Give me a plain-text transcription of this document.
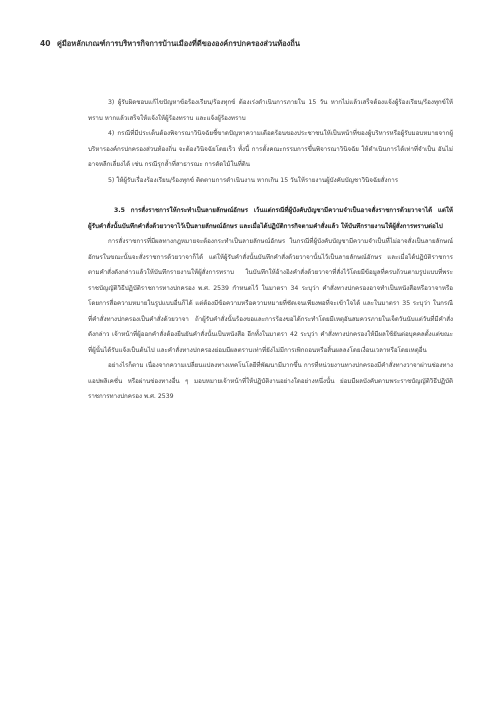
40 คู่มือหลักเกณฑ์การบริหารกิจการบ้านเมืองที่ดีขององค์กรปกครองส่วนท้องถิ่น

3) ผู้รับผิดชอบแก้ไขปัญหาข้อร้องเรียน/ร้องทุกข์ ต้องเร่งดำเนินการภายใน 15 วัน หากไม่แล้วเสร็จต้องแจ้งผู้ร้องเรียน/ร้องทุกข์ให้ทราบ หากแล้วเสร็จให้แจ้งให้ผู้ร้องทราบ และแจ้งผู้ร้องทราบ

4) กรณีที่มีประเด็นต้องพิจารณาวินิจฉัยชี้ขาดปัญหาความเดือดร้อนของประชาชนให้เป็นหน้าที่ของผู้บริหารหรือผู้รับมอบหมายจากผู้บริหารองค์กรปกครองส่วนท้องถิ่น จะต้องวินิจฉัยโดยเร็ว ทั้งนี้ การตั้งคณะกรรมการขึ้นพิจารณาวินิจฉัย ให้ดำเนินการได้เท่าที่จำเป็น อันไม่อาจหลีกเลี่ยงได้ เช่น กรณีรุกล้ำที่สาธารณะ การตัดไม้ในที่ดิน

5) ให้ผู้รับเรื่องร้องเรียน/ร้องทุกข์ ติดตามการดำเนินงาน หากเกิน 15 วันให้รายงานผู้บังคับบัญชาวินิจฉัยสั่งการ

3.5 การสั่งราชการให้กระทำเป็นลายลักษณ์อักษร เว้นแต่กรณีที่ผู้บังคับบัญชามีความจำเป็นอาจสั่งราชการด้วยวาจาได้ แต่ให้ผู้รับคำสั่งนั้นบันทึกคำสั่งด้วยวาจาไว้เป็นลายลักษณ์อักษร และเมื่อได้ปฏิบัติการกิจตามคำสั่งแล้ว ให้บันทึกรายงานให้ผู้สั่งการทราบต่อไป

การสั่งราชการที่มีผลทางกฎหมายจะต้องกระทำเป็นลายลักษณ์อักษร ในกรณีที่ผู้บังคับบัญชามีความจำเป็นที่ไม่อาจสั่งเป็นลายลักษณ์อักษรในขณะนั้นจะสั่งราชการด้วยวาจาก็ได้ แต่ให้ผู้รับคำสั่งนั้นบันทึกคำสั่งด้วยวาจานั้นไว้เป็นลายลักษณ์อักษร และเมื่อได้ปฏิบัติราชการตามคำสั่งดังกล่าวแล้วให้บันทึกรายงานให้ผู้สั่งการทราบ ในบันทึกให้อ้างอิงคำสั่งด้วยวาจาที่สั่งไว้โดยมีข้อมูลที่ครบถ้วนตามรูปแบบที่พระราชบัญญัติวิธีปฏิบัติราชการทางปกครอง พ.ศ. 2539 กำหนดไว้ ในมาตรา 34 ระบุว่า คำสั่งทางปกครองอาจทำเป็นหนังสือหรือวาจาหรือโดยการสื่อความหมายในรูปแบบอื่นก็ได้ แต่ต้องมีข้อความหรือความหมายที่ชัดเจนเพียงพอที่จะเข้าใจได้ และในมาตรา 35 ระบุว่า ในกรณีที่คำสั่งทางปกครองเป็นคำสั่งด้วยวาจา ถ้าผู้รับคำสั่งนั้นร้องขอและการร้องขอได้กระทำโดยมีเหตุอันสมควรภายในเจ็ดวันนับแต่วันที่มีคำสั่งดังกล่าว เจ้าหน้าที่ผู้ออกคำสั่งต้องยืนยันคำสั่งนั้นเป็นหนังสือ อีกทั้งในมาตรา 42 ระบุว่า คำสั่งทางปกครองให้มีผลใช้ยันต่อบุคคลตั้งแต่ขณะที่ผู้นั้นได้รับแจ้งเป็นต้นไป และคำสั่งทางปกครองย่อมมีผลตราบเท่าที่ยังไม่มีการเพิกถอนหรือสิ้นผลลงโดยเงื่อนเวลาหรือโดยเหตุอื่น

อย่างไรก็ตาม เนื่องจากความเปลี่ยนแปลงทางเทคโนโลยีที่พัฒนามีมากขึ้น การที่หน่วยงานทางปกครองมีคำสั่งทางวาจาผ่านช่องทางแอปพลิเคชั่น หรือผ่านช่องทางอื่น ๆ มอบหมายเจ้าหน้าที่ให้ปฏิบัติงานอย่างใดอย่างหนึ่งนั้น ย่อมมีผลบังคับตามพระราชบัญญัติวิธีปฏิบัติราชการทางปกครอง พ.ศ. 2539
